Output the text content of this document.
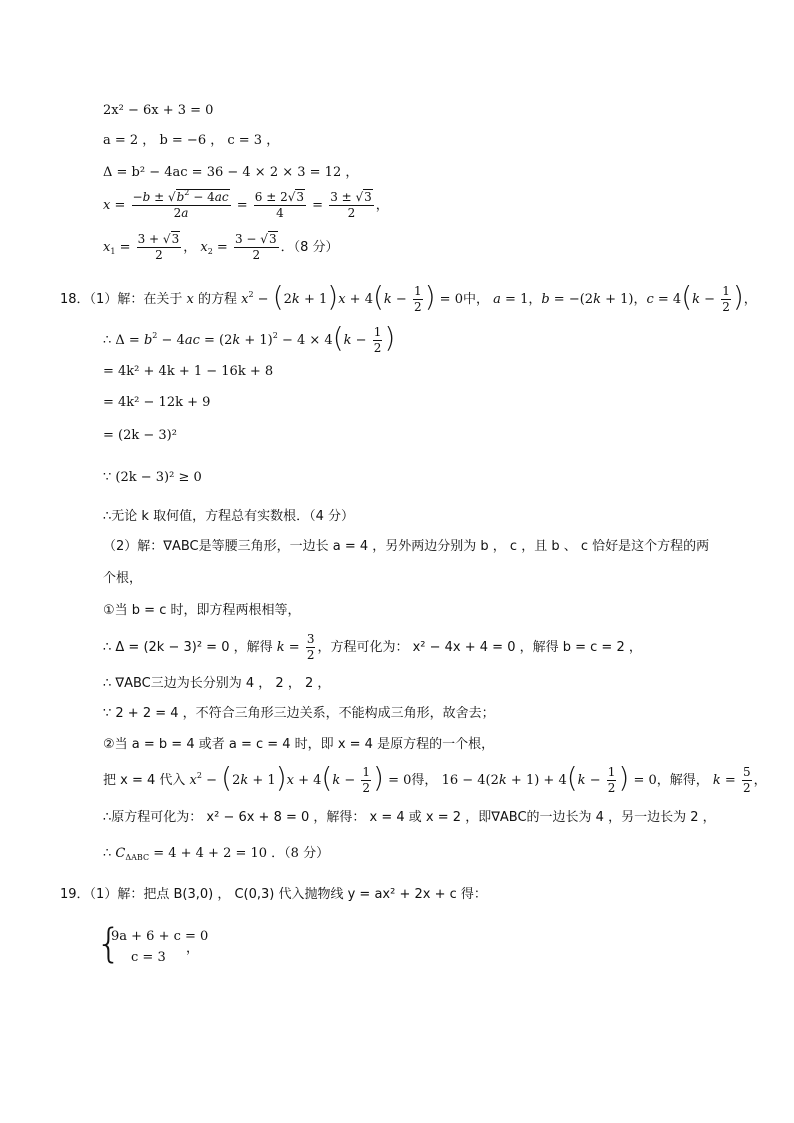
2x² − 6x + 3 = 0
a = 2 ， b = −6 ， c = 3 ，
Δ = b² − 4ac = 36 − 4 × 2 × 3 = 12 ，
$x = \frac{-b \pm √b^2 - 4ac}{2a} = \frac{6 \pm 2√3}{4} = \frac{3 \pm √3}{2}$ ，
$x_1 = \frac{3 + √3}{2}$ ， $x_2 = \frac{3 - √3}{2}$ ．（8 分）
18．（1）解：在关于 x 的方程 $x^2 - (2k + 1)x + 4(k - \frac{1}{2}$ ) = 0中， a = 1，b = −(2k + 1)，$c = 4(k - \frac{1}{2}$ )，
∴ $\Delta = b^2 - 4ac = (2k + 1)^2 - 4 \times 4(k - \frac{1}{2}$ )
= 4k² + 4k + 1 − 16k + 8
= 4k² − 12k + 9
= (2k − 3)²
∵ (2k − 3)² ≥ 0
∴无论 k 取何值，方程总有实数根．（4 分）
（2）解：∇ABC是等腰三角形，一边长 a = 4 ，另外两边分别为 b ， c ，且 b 、 c 恰好是这个方程的两
个根，
①当 b = c 时，即方程两根相等，
∴ Δ = (2k − 3)² = 0 ，解得 $k = \frac{3}{2}$ ，方程可化为： x² − 4x + 4 = 0 ，解得 b = c = 2 ，
∴ ∇ABC三边为长分别为 4 ， 2 ， 2 ，
∵ 2 + 2 = 4 ，不符合三角形三边关系，不能构成三角形，故舍去；
②当 a = b = 4 或者 a = c = 4 时，即 x = 4 是原方程的一个根，
把 x = 4 代入 $x^2 - (2k + 1)x + 4(k - \frac{1}{2}$ ) = 0得， $16 - 4(2k + 1) + 4(k - \frac{1}{2}$ ) = 0，解得， $k = \frac{5}{2}$ ，
∴原方程可化为： x² − 6x + 8 = 0 ，解得： x = 4 或 x = 2 ，即∇ABC的一边长为 4 ，另一边长为 2 ，
∴ $C_{\Delta ABC} = 4 + 4 + 2 = 10$ ．（8 分）
19．（1）解：把点 B(3,0) ， C(0,3) 代入抛物线 y = ax² + 2x + c 得：
{
9a + 6 + c = 0
c = 3
，
